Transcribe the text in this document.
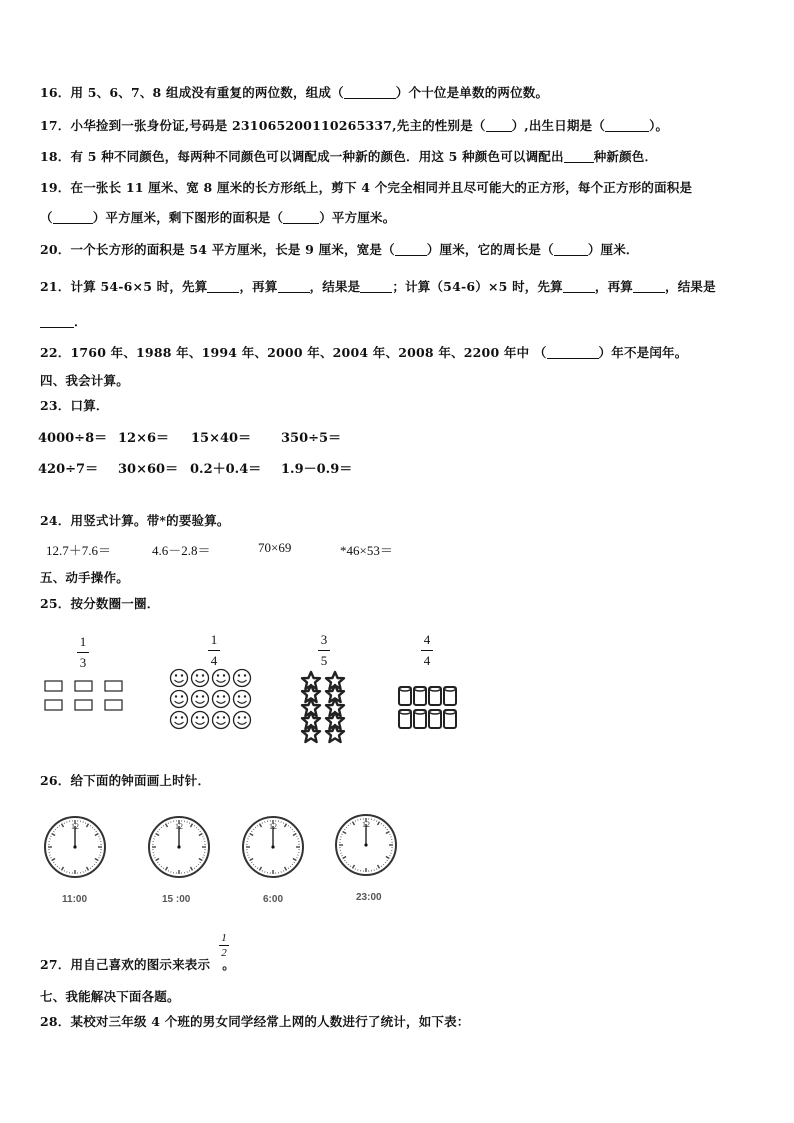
16．用 5、6、7、8 组成没有重复的两位数，组成（	）个十位是单数的两位数。
17．小华捡到一张身份证,号码是 231065200110265337,先主的性别是（ ）,出生日期是（	）。
18．有 5 种不同颜色，每两种不同颜色可以调配成一种新的颜色．用这 5 种颜色可以调配出 种新颜色．
19．在一张长 11 厘米、宽 8 厘米的长方形纸上，剪下 4 个完全相同并且尽可能大的正方形，每个正方形的面积是
（	）平方厘米，剩下图形的面积是（	）平方厘米。
20．一个长方形的面积是 54 平方厘米，长是 9 厘米，宽是（	）厘米，它的周长是（	）厘米．
21．计算 54-6×5 时，先算	，再算	，结果是	；计算（54-6）×5 时，先算	，再算	，结果是
．
22．1760 年、1988 年、1994 年、2000 年、2004 年、2008 年、2200 年中 （	）年不是闰年。
四、我会计算。
23．口算．
4000÷8＝ 12×6＝ 15×40＝ 350÷5＝
420÷7＝ 30×60＝ 0.2＋0.4＝ 1.9－0.9＝
24．用竖式计算。带*的要验算。
12.7＋7.6＝	4.6－2.8＝	70×69	*46×53＝
五、动手操作。
25．按分数圈一圈．
1
3
1
4
3
5
4
4
26．给下面的钟面画上时针．
12	12	12	12
11:00	15 :00	6:00	23:00
27．用自己喜欢的图示来表示 。
1
2
七、我能解决下面各题。
28．某校对三年级 4 个班的男女同学经常上网的人数进行了统计，如下表：
